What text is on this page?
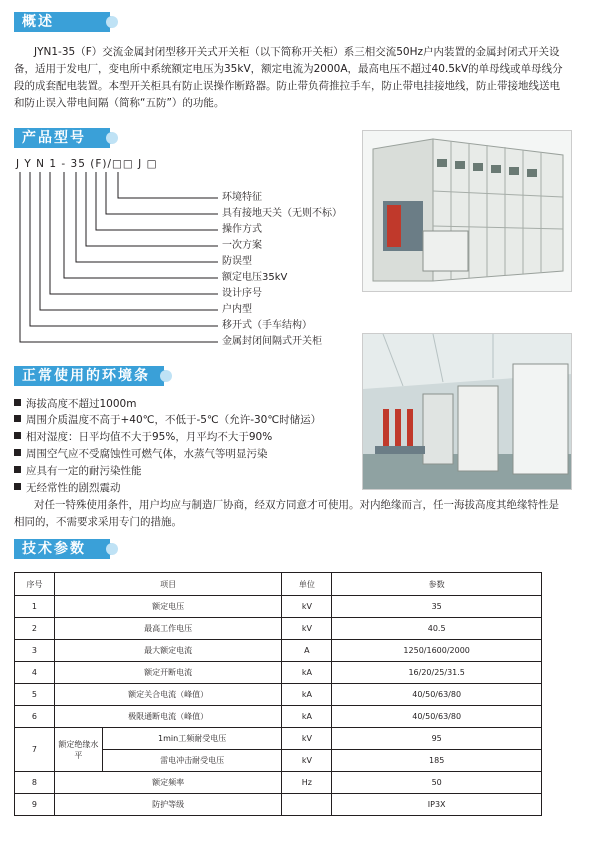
概述
JYN1-35（F）交流金属封闭型移开关式开关柜（以下简称开关柜）系三相交流50Hz户内装置的金属封闭式开关设备，适用于发电厂，变电所中系统额定电压为35kV，额定电流为2000A，最高电压不超过40.5kV的单母线或单母线分段的成套配电装置。本型开关柜具有防止误操作断路器。防止带负荷推拉手车，防止带电挂接地线，防止带接地线送电和防止误入带电间隔（简称“五防”）的功能。
产品型号
J Y N 1 - 35 (F)/□□ J □
环境特征
具有接地天关（无则不标）
操作方式
一次方案
防误型
额定电压35kV
设计序号
户内型
移开式（手车结构）
金属封闭间隔式开关柜
正常使用的环境条件
海拔高度不超过1000m
周围介质温度不高于+40℃，不低于-5℃（允许-30℃时储运）
相对湿度：日平均值不大于95%，月平均不大于90%
周围空气应不受腐蚀性可燃气体，水蒸气等明显污染
应具有一定的耐污染性能
无经常性的剧烈震动
对任一特殊使用条件，用户均应与制造厂协商，经双方同意才可使用。对内绝缘而言，任一海拔高度其绝缘特性是相同的，不需要求采用专门的措施。
技术参数
序号	项目		单位	参数
1	额定电压		kV	35
2	最高工作电压		kV	40.5
3	最大额定电流		A	1250/1600/2000
4	额定开断电流		kA	16/20/25/31.5
5	额定关合电流（峰值）		kA	40/50/63/80
6	极限通断电流（峰值）		kA	40/50/63/80
7	额定绝缘水平	1min工频耐受电压	kV	95
		雷电冲击耐受电压	kV	185
8	额定频率		Hz	50
9	防护等级			IP3X
